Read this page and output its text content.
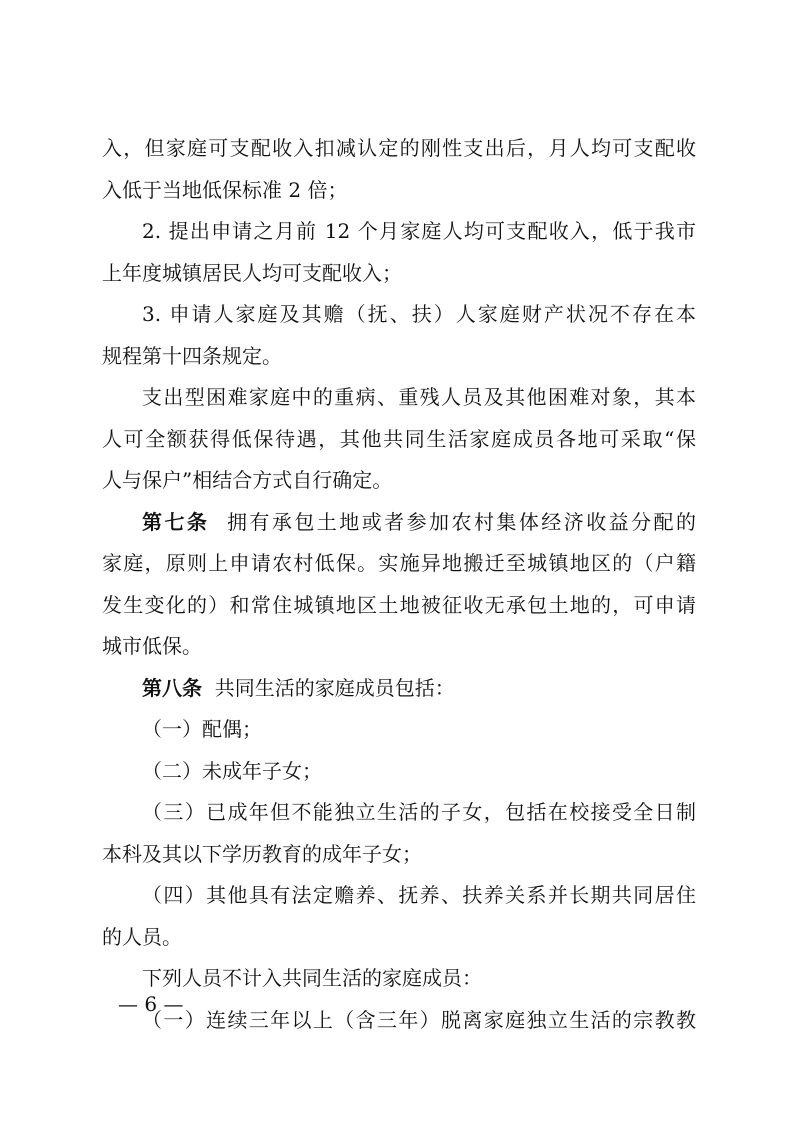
入，但家庭可支配收入扣减认定的刚性支出后，月人均可支配收
入低于当地低保标准 2 倍；
2. 提出申请之月前 12 个月家庭人均可支配收入，低于我市
上年度城镇居民人均可支配收入；
3. 申请人家庭及其赡（抚、扶）人家庭财产状况不存在本
规程第十四条规定。
支出型困难家庭中的重病、重残人员及其他困难对象，其本
人可全额获得低保待遇，其他共同生活家庭成员各地可采取“保
人与保户”相结合方式自行确定。
第七条 拥有承包土地或者参加农村集体经济收益分配的
家庭，原则上申请农村低保。实施异地搬迁至城镇地区的（户籍
发生变化的）和常住城镇地区土地被征收无承包土地的，可申请
城市低保。
第八条 共同生活的家庭成员包括：
（一）配偶；
（二）未成年子女；
（三）已成年但不能独立生活的子女，包括在校接受全日制
本科及其以下学历教育的成年子女；
（四）其他具有法定赡养、抚养、扶养关系并长期共同居住
的人员。
下列人员不计入共同生活的家庭成员：
（一）连续三年以上（含三年）脱离家庭独立生活的宗教教
— 6 —
